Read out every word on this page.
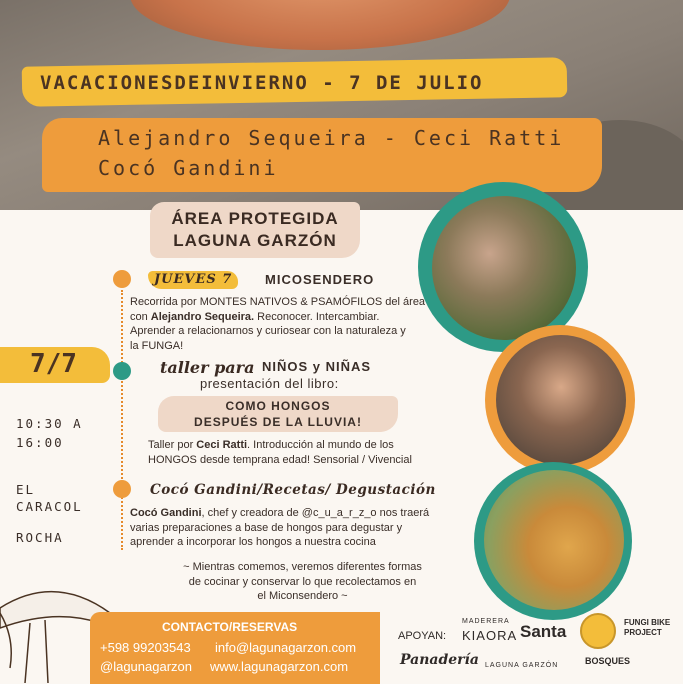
VACACIONESDEINVIERNO - 7 DE JULIO
Alejandro Sequeira - Ceci Ratti
Cocó Gandini
ÁREA PROTEGIDA
LAGUNA GARZÓN
7/7
10:30 A
16:00
EL
CARACOL
ROCHA
JUEVES 7	MICOSENDERO
Recorrida por MONTES NATIVOS & PSAMÓFILOS del área
con Alejandro Sequeira. Reconocer. Intercambiar.
Aprender a relacionarnos y curiosear con la naturaleza y
la FUNGA!
taller para NIÑOS y NIÑAS
presentación del libro:
COMO HONGOS
DESPUÉS DE LA LLUVIA!
Taller por Ceci Ratti. Introducción al mundo de los
HONGOS desde temprana edad! Sensorial / Vivencial
Cocó Gandini/Recetas/ Degustación
Cocó Gandini, chef y creadora de @c_u_a_r_z_o nos traerá
varias preparaciones a base de hongos para degustar y
aprender a incorporar los hongos a nuestra cocina
~ Mientras comemos, veremos diferentes formas
de cocinar y conservar lo que recolectamos en
el Miconsendero ~
CONTACTO/RESERVAS
+598 99203543 info@lagunagarzon.com
@lagunagarzon www.lagunagarzon.com
APOYAN:
MADERERA
KIAORA Santa	FUNGI BIKE PROJECT
Panadería LAGUNA GARZÓN	BOSQUES
